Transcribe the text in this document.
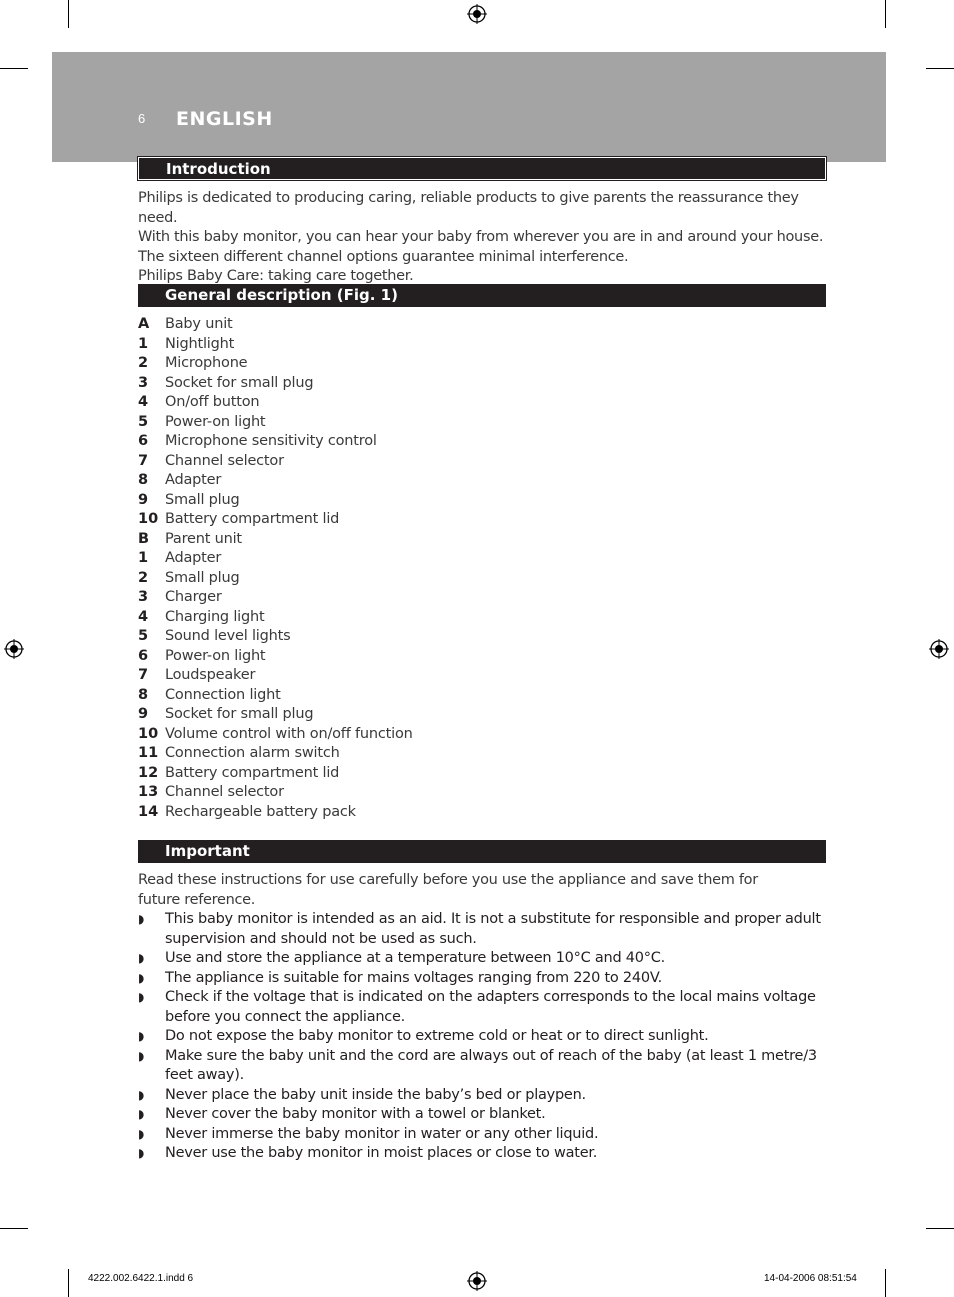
6 ENGLISH
Introduction

Philips is dedicated to producing caring, reliable products to give parents the reassurance they need.

With this baby monitor, you can hear your baby from wherever you are in and around your house.

The sixteen different channel options guarantee minimal interference.

Philips Baby Care: taking care together.

General description (Fig. 1)
A Baby unit
1 Nightlight
2 Microphone
3 Socket for small plug
4 On/off button
5 Power-on light
6 Microphone sensitivity control
7 Channel selector
8 Adapter
9 Small plug
10 Battery compartment lid
B Parent unit
1 Adapter
2 Small plug
3 Charger
4 Charging light
5 Sound level lights
6 Power-on light
7 Loudspeaker
8 Connection light
9 Socket for small plug
10 Volume control with on/off function
11 Connection alarm switch
12 Battery compartment lid
13 Channel selector
14 Rechargeable battery pack
Important

Read these instructions for use carefully before you use the appliance and save them for future reference.

◗ This baby monitor is intended as an aid. It is not a substitute for responsible and proper adult supervision and should not be used as such.
◗ Use and store the appliance at a temperature between 10°C and 40°C.
◗ The appliance is suitable for mains voltages ranging from 220 to 240V.
◗ Check if the voltage that is indicated on the adapters corresponds to the local mains voltage before you connect the appliance.
◗ Do not expose the baby monitor to extreme cold or heat or to direct sunlight.
◗ Make sure the baby unit and the cord are always out of reach of the baby (at least 1 metre/3 feet away).
◗ Never place the baby unit inside the baby’s bed or playpen.
◗ Never cover the baby monitor with a towel or blanket.
◗ Never immerse the baby monitor in water or any other liquid.
◗ Never use the baby monitor in moist places or close to water.
4222.002.6422.1.indd 6	14-04-2006 08:51:54
